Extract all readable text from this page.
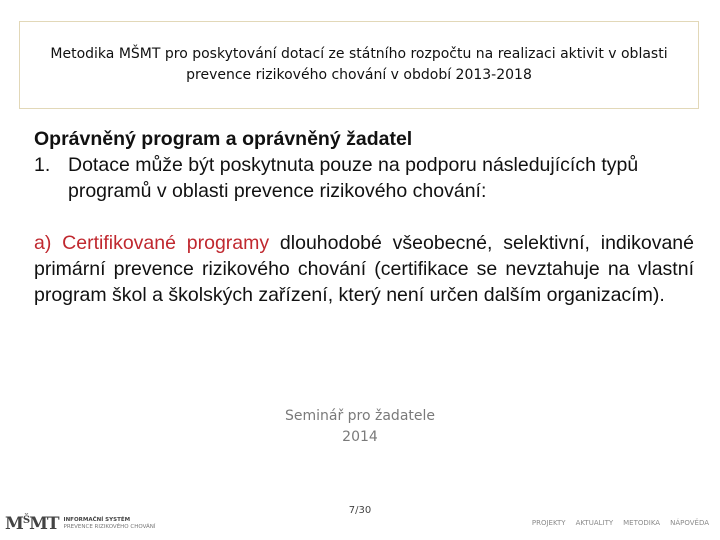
Metodika MŠMT pro poskytování dotací ze státního rozpočtu na realizaci aktivit v oblasti
prevence rizikového chování v období 2013-2018
Oprávněný program a oprávněný žadatel
1. Dotace může být poskytnuta pouze na podporu následujících typů programů v oblasti prevence rizikového chování:
a) Certifikované programy dlouhodobé všeobecné, selektivní, indikované primární prevence rizikového chování (certifikace se nevztahuje na vlastní program škol a školských zařízení, který není určen dalším organizacím).
Seminář pro žadatele
2014
7/30
$M^ŠMT$ INFORMAČNÍ SYSTÉM
PREVENCE RIZIKOVÉHO CHOVÁNÍ	PROJEKTY	AKTUALITY	METODIKA	NÁPOVĚDA
